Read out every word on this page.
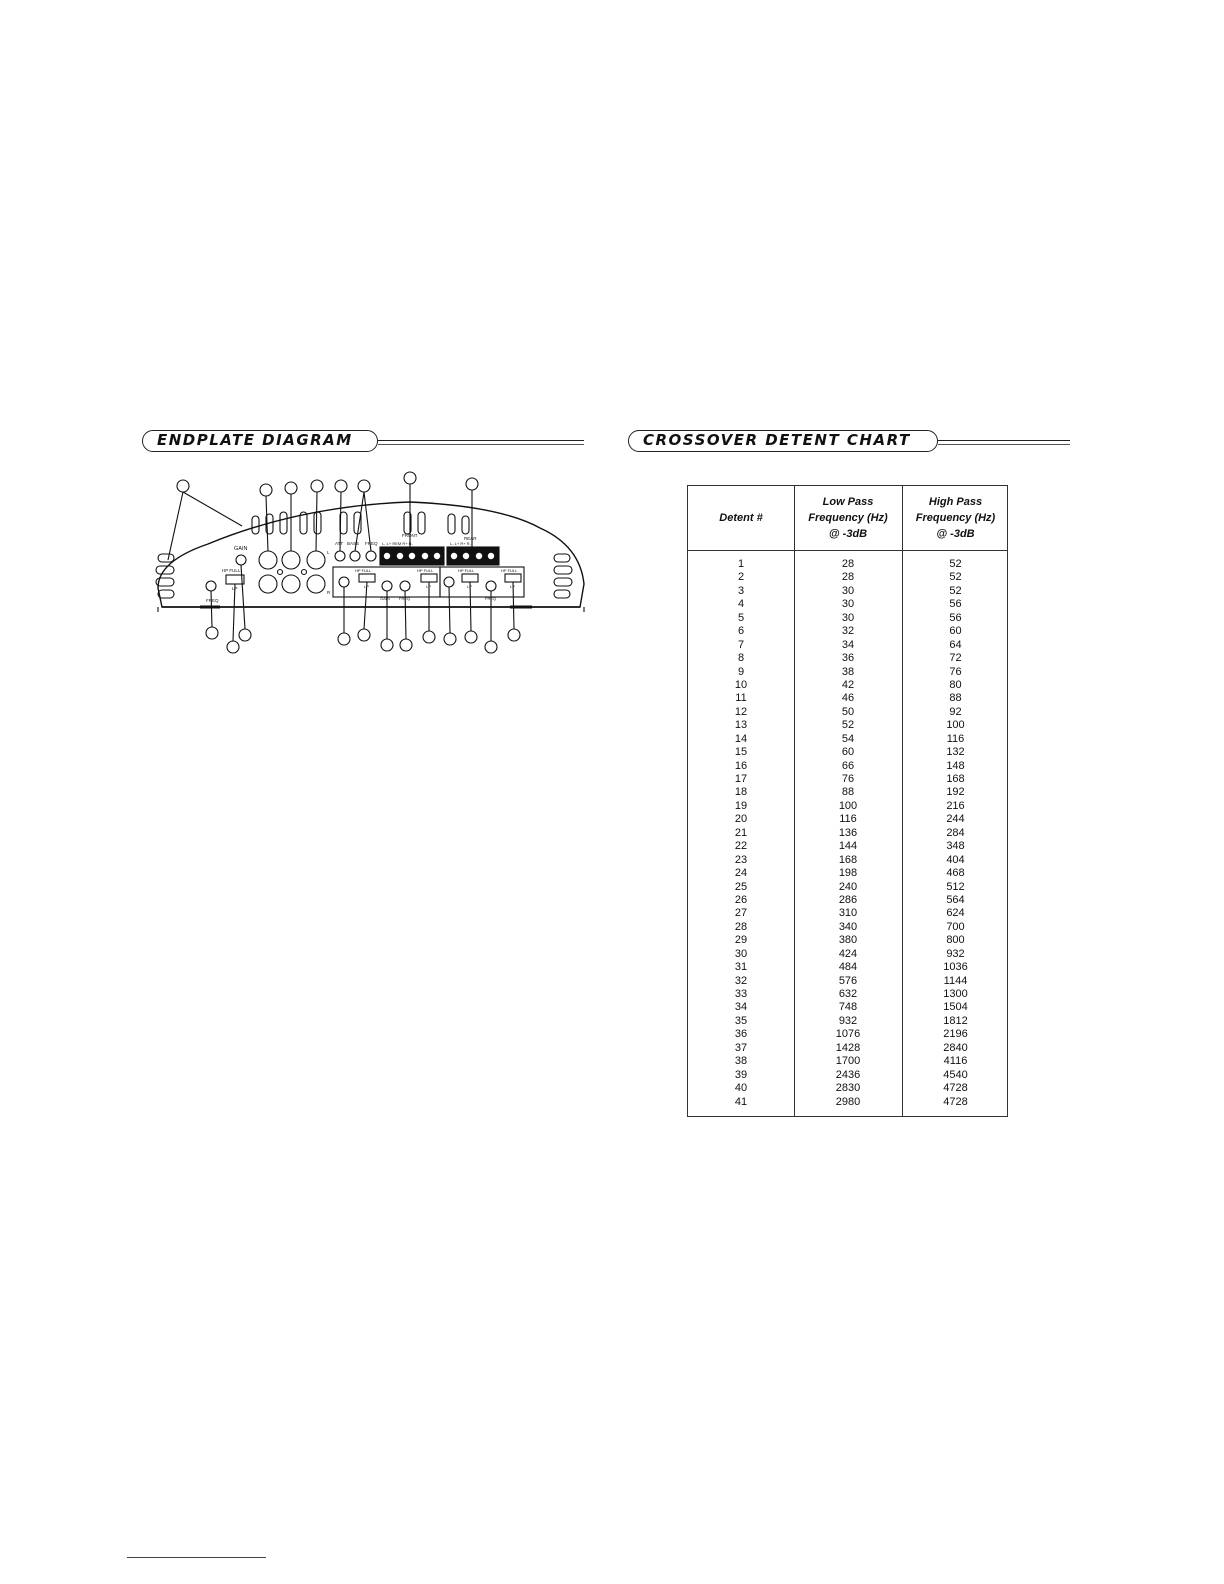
ENDPLATE DIAGRAM	CROSSOVER DETENT CHART
GAIN
HP FULL
LP
FREQ
L
R
ATT BASS FREQ
FRONT
L- L+ REM R+ R-
REAR
L- L+ R+ R-
HP FULL
LP
GAIN FREQ
HP FULL
LP
HP FULL
LP
FREQ
HP FULL
LP
Detent #
Low Pass
Frequency (Hz)
@ -3dB
High Pass
Frequency (Hz)
@ -3dB
1	28	52
2	28	52
3	30	52
4	30	56
5	30	56
6	32	60
7	34	64
8	36	72
9	38	76
10	42	80
11	46	88
12	50	92
13	52	100
14	54	116
15	60	132
16	66	148
17	76	168
18	88	192
19	100	216
20	116	244
21	136	284
22	144	348
23	168	404
24	198	468
25	240	512
26	286	564
27	310	624
28	340	700
29	380	800
30	424	932
31	484	1036
32	576	1144
33	632	1300
34	748	1504
35	932	1812
36	1076	2196
37	1428	2840
38	1700	4116
39	2436	4540
40	2830	4728
41	2980	4728
